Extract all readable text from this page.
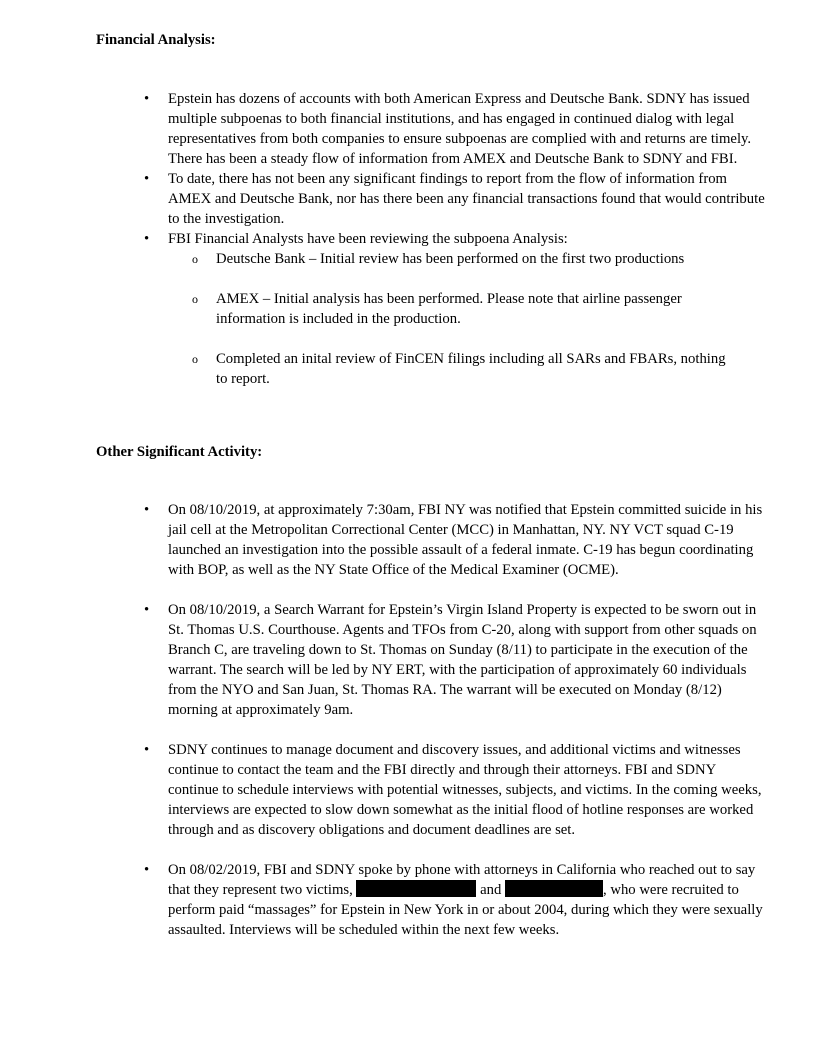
Financial Analysis:

• Epstein has dozens of accounts with both American Express and Deutsche Bank. SDNY has issued multiple subpoenas to both financial institutions, and has engaged in continued dialog with legal representatives from both companies to ensure subpoenas are complied with and returns are timely. There has been a steady flow of information from AMEX and Deutsche Bank to SDNY and FBI.
• To date, there has not been any significant findings to report from the flow of information from AMEX and Deutsche Bank, nor has there been any financial transactions found that would contribute to the investigation.
• FBI Financial Analysts have been reviewing the subpoena Analysis:
o Deutsche Bank – Initial review has been performed on the first two productions
o AMEX – Initial analysis has been performed. Please note that airline passenger information is included in the production.
o Completed an inital review of FinCEN filings including all SARs and FBARs, nothing to report.

Other Significant Activity:

• On 08/10/2019, at approximately 7:30am, FBI NY was notified that Epstein committed suicide in his jail cell at the Metropolitan Correctional Center (MCC) in Manhattan, NY. NY VCT squad C-19 launched an investigation into the possible assault of a federal inmate. C-19 has begun coordinating with BOP, as well as the NY State Office of the Medical Examiner (OCME).
• On 08/10/2019, a Search Warrant for Epstein’s Virgin Island Property is expected to be sworn out in St. Thomas U.S. Courthouse. Agents and TFOs from C-20, along with support from other squads on Branch C, are traveling down to St. Thomas on Sunday (8/11) to participate in the execution of the warrant. The search will be led by NY ERT, with the participation of approximately 60 individuals from the NYO and San Juan, St. Thomas RA. The warrant will be executed on Monday (8/12) morning at approximately 9am.
• SDNY continues to manage document and discovery issues, and additional victims and witnesses continue to contact the team and the FBI directly and through their attorneys. FBI and SDNY continue to schedule interviews with potential witnesses, subjects, and victims. In the coming weeks, interviews are expected to slow down somewhat as the initial flood of hotline responses are worked through and as discovery obligations and document deadlines are set.
• On 08/02/2019, FBI and SDNY spoke by phone with attorneys in California who reached out to say that they represent two victims,	and	, who were recruited to perform paid “massages” for Epstein in New York in or about 2004, during which they were sexually assaulted. Interviews will be scheduled within the next few weeks.
